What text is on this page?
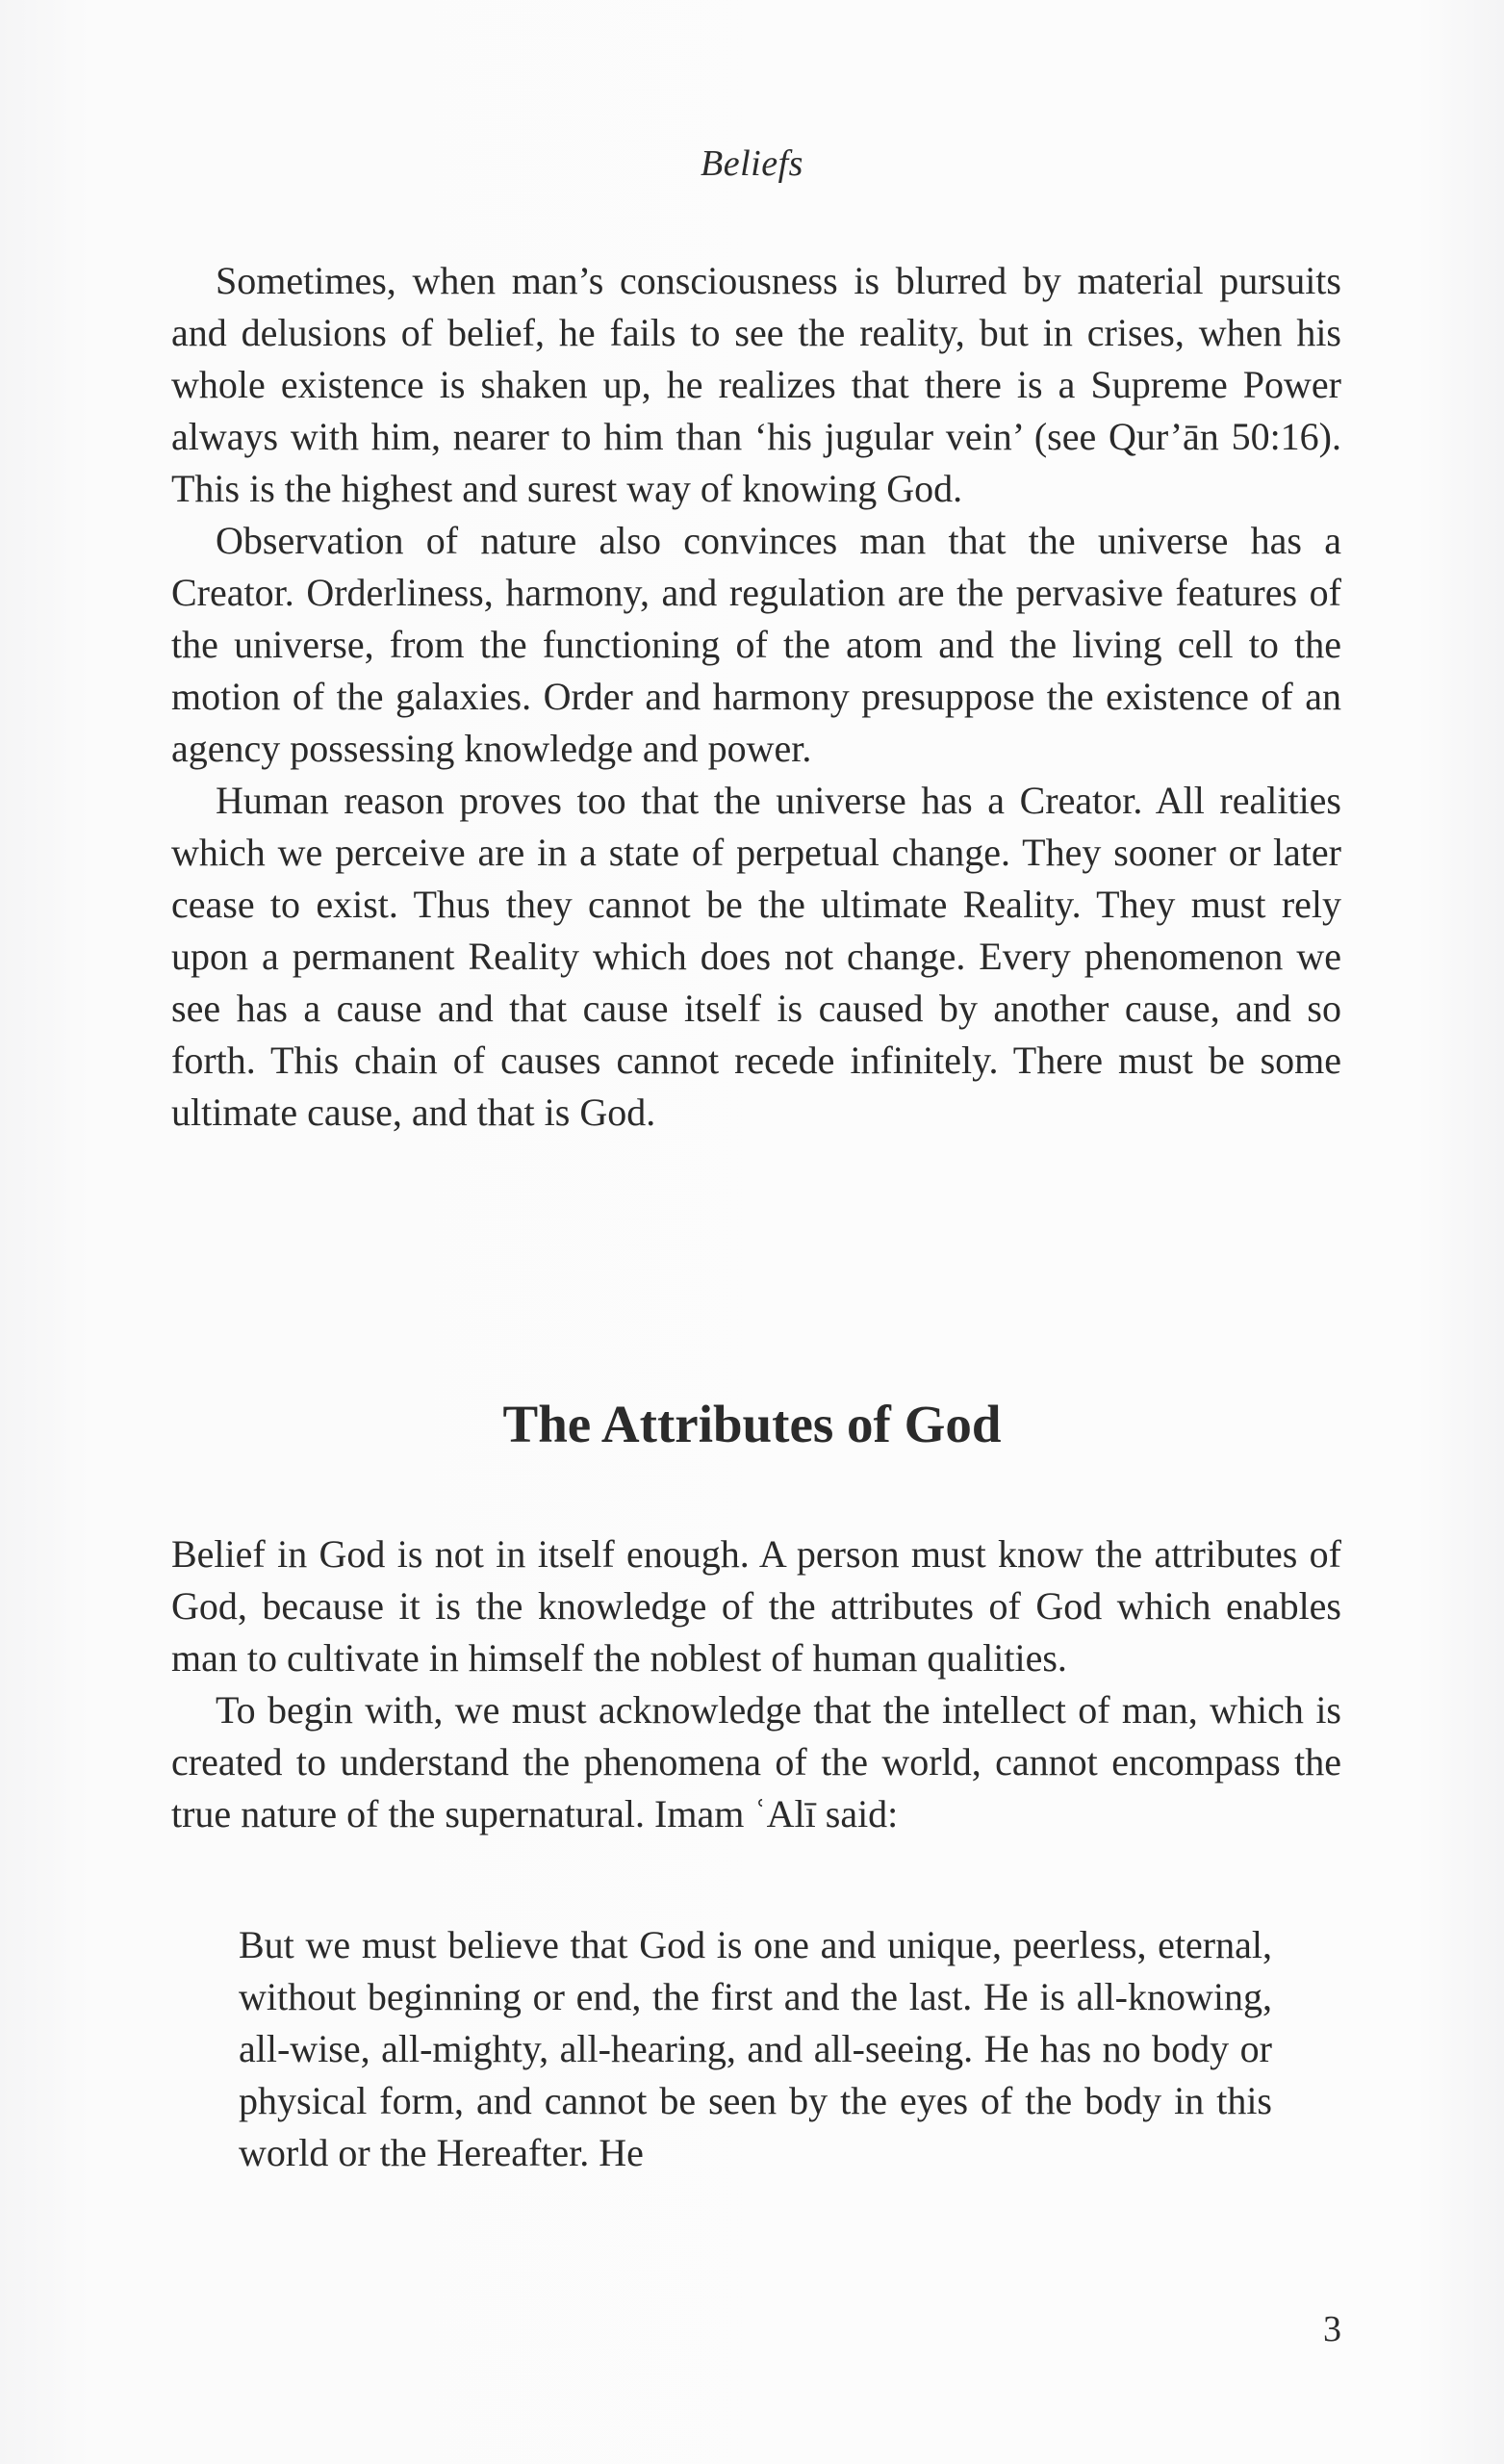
Beliefs

Sometimes, when man’s consciousness is blurred by material pursuits and delusions of belief, he fails to see the reality, but in crises, when his whole existence is shaken up, he realizes that there is a Supreme Power always with him, nearer to him than ‘his jugular vein’ (see Qur’ān 50:16). This is the highest and surest way of knowing God.

Observation of nature also convinces man that the universe has a Creator. Orderliness, harmony, and regulation are the pervasive features of the universe, from the functioning of the atom and the living cell to the motion of the galaxies. Order and harmony presuppose the existence of an agency possessing knowledge and power.

Human reason proves too that the universe has a Creator. All realities which we perceive are in a state of perpetual change. They sooner or later cease to exist. Thus they cannot be the ultimate Reality. They must rely upon a permanent Reality which does not change. Every phenomenon we see has a cause and that cause itself is caused by another cause, and so forth. This chain of causes cannot recede infinitely. There must be some ultimate cause, and that is God.

The Attributes of God

Belief in God is not in itself enough. A person must know the attributes of God, because it is the knowledge of the attributes of God which enables man to cultivate in himself the noblest of human qualities.

To begin with, we must acknowledge that the intellect of man, which is created to understand the phenomena of the world, cannot encompass the true nature of the supernatural. Imam ʿAlī said:

But we must believe that God is one and unique, peerless, eternal, without beginning or end, the first and the last. He is all-knowing, all-wise, all-mighty, all-hearing, and all-seeing. He has no body or physical form, and cannot be seen by the eyes of the body in this world or the Hereafter. He

3
